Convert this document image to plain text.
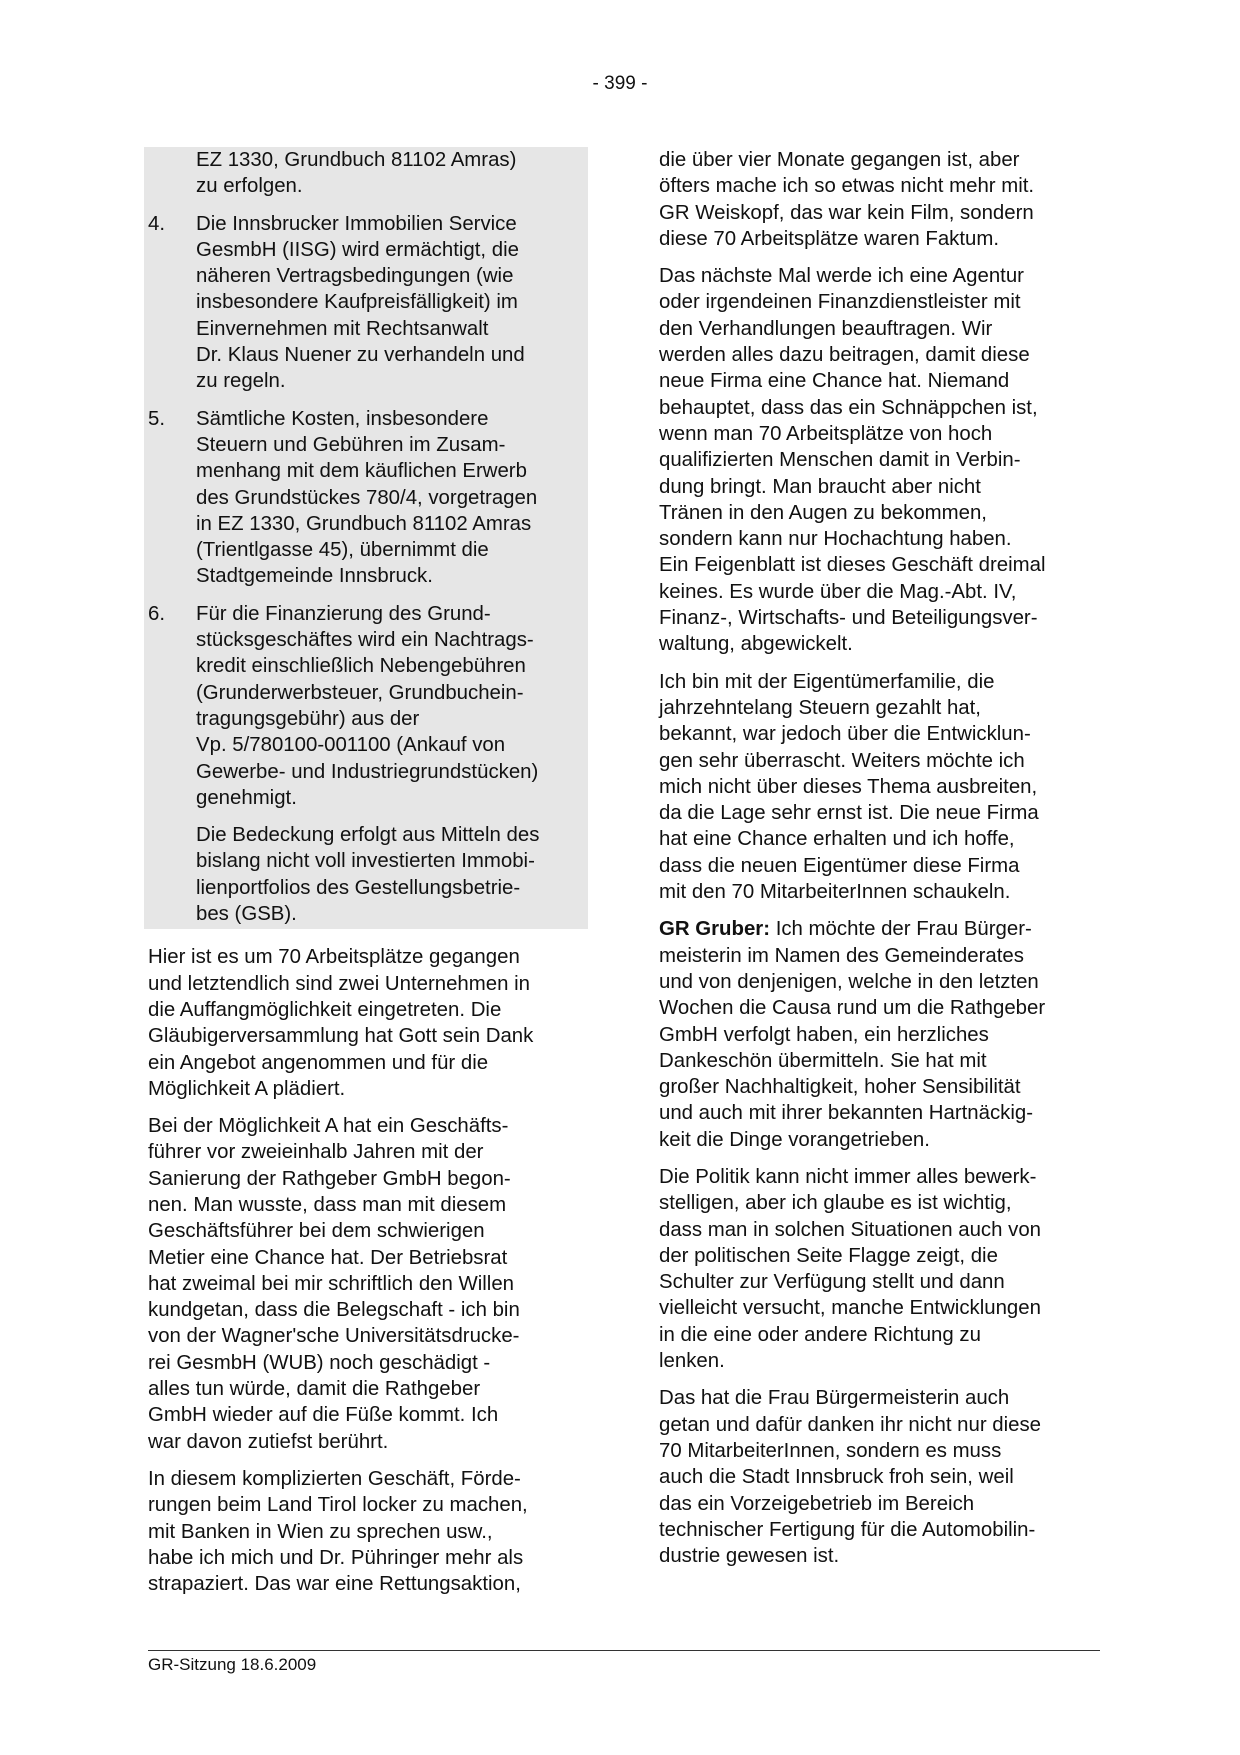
- 399 -
EZ 1330, Grundbuch 81102 Amras)
zu erfolgen.
4.	Die Innsbrucker Immobilien Service
GesmbH (IISG) wird ermächtigt, die
näheren Vertragsbedingungen (wie
insbesondere Kaufpreisfälligkeit) im
Einvernehmen mit Rechtsanwalt
Dr. Klaus Nuener zu verhandeln und
zu regeln.
5.	Sämtliche Kosten, insbesondere
Steuern und Gebühren im Zusam-
menhang mit dem käuflichen Erwerb
des Grundstückes 780/4, vorgetragen
in EZ 1330, Grundbuch 81102 Amras
(Trientlgasse 45), übernimmt die
Stadtgemeinde Innsbruck.
6.	Für die Finanzierung des Grund-
stücksgeschäftes wird ein Nachtrags-
kredit einschließlich Nebengebühren
(Grunderwerbsteuer, Grundbuchein-
tragungsgebühr) aus der
Vp. 5/780100-001100 (Ankauf von
Gewerbe- und Industriegrundstücken)
genehmigt.
Die Bedeckung erfolgt aus Mitteln des
bislang nicht voll investierten Immobi-
lienportfolios des Gestellungsbetrie-
bes (GSB).

Hier ist es um 70 Arbeitsplätze gegangen
und letztendlich sind zwei Unternehmen in
die Auffangmöglichkeit eingetreten. Die
Gläubigerversammlung hat Gott sein Dank
ein Angebot angenommen und für die
Möglichkeit A plädiert.

Bei der Möglichkeit A hat ein Geschäfts-
führer vor zweieinhalb Jahren mit der
Sanierung der Rathgeber GmbH begon-
nen. Man wusste, dass man mit diesem
Geschäftsführer bei dem schwierigen
Metier eine Chance hat. Der Betriebsrat
hat zweimal bei mir schriftlich den Willen
kundgetan, dass die Belegschaft - ich bin
von der Wagner'sche Universitätsdrucke-
rei GesmbH (WUB) noch geschädigt -
alles tun würde, damit die Rathgeber
GmbH wieder auf die Füße kommt. Ich
war davon zutiefst berührt.

In diesem komplizierten Geschäft, Förde-
rungen beim Land Tirol locker zu machen,
mit Banken in Wien zu sprechen usw.,
habe ich mich und Dr. Pühringer mehr als
strapaziert. Das war eine Rettungsaktion,

die über vier Monate gegangen ist, aber
öfters mache ich so etwas nicht mehr mit.
GR Weiskopf, das war kein Film, sondern
diese 70 Arbeitsplätze waren Faktum.

Das nächste Mal werde ich eine Agentur
oder irgendeinen Finanzdienstleister mit
den Verhandlungen beauftragen. Wir
werden alles dazu beitragen, damit diese
neue Firma eine Chance hat. Niemand
behauptet, dass das ein Schnäppchen ist,
wenn man 70 Arbeitsplätze von hoch
qualifizierten Menschen damit in Verbin-
dung bringt. Man braucht aber nicht
Tränen in den Augen zu bekommen,
sondern kann nur Hochachtung haben.
Ein Feigenblatt ist dieses Geschäft dreimal
keines. Es wurde über die Mag.-Abt. IV,
Finanz-, Wirtschafts- und Beteiligungsver-
waltung, abgewickelt.

Ich bin mit der Eigentümerfamilie, die
jahrzehntelang Steuern gezahlt hat,
bekannt, war jedoch über die Entwicklun-
gen sehr überrascht. Weiters möchte ich
mich nicht über dieses Thema ausbreiten,
da die Lage sehr ernst ist. Die neue Firma
hat eine Chance erhalten und ich hoffe,
dass die neuen Eigentümer diese Firma
mit den 70 MitarbeiterInnen schaukeln.

GR Gruber: Ich möchte der Frau Bürger-
meisterin im Namen des Gemeinderates
und von denjenigen, welche in den letzten
Wochen die Causa rund um die Rathgeber
GmbH verfolgt haben, ein herzliches
Dankeschön übermitteln. Sie hat mit
großer Nachhaltigkeit, hoher Sensibilität
und auch mit ihrer bekannten Hartnäckig-
keit die Dinge vorangetrieben.

Die Politik kann nicht immer alles bewerk-
stelligen, aber ich glaube es ist wichtig,
dass man in solchen Situationen auch von
der politischen Seite Flagge zeigt, die
Schulter zur Verfügung stellt und dann
vielleicht versucht, manche Entwicklungen
in die eine oder andere Richtung zu
lenken.

Das hat die Frau Bürgermeisterin auch
getan und dafür danken ihr nicht nur diese
70 MitarbeiterInnen, sondern es muss
auch die Stadt Innsbruck froh sein, weil
das ein Vorzeigebetrieb im Bereich
technischer Fertigung für die Automobilin-
dustrie gewesen ist.

GR-Sitzung 18.6.2009
